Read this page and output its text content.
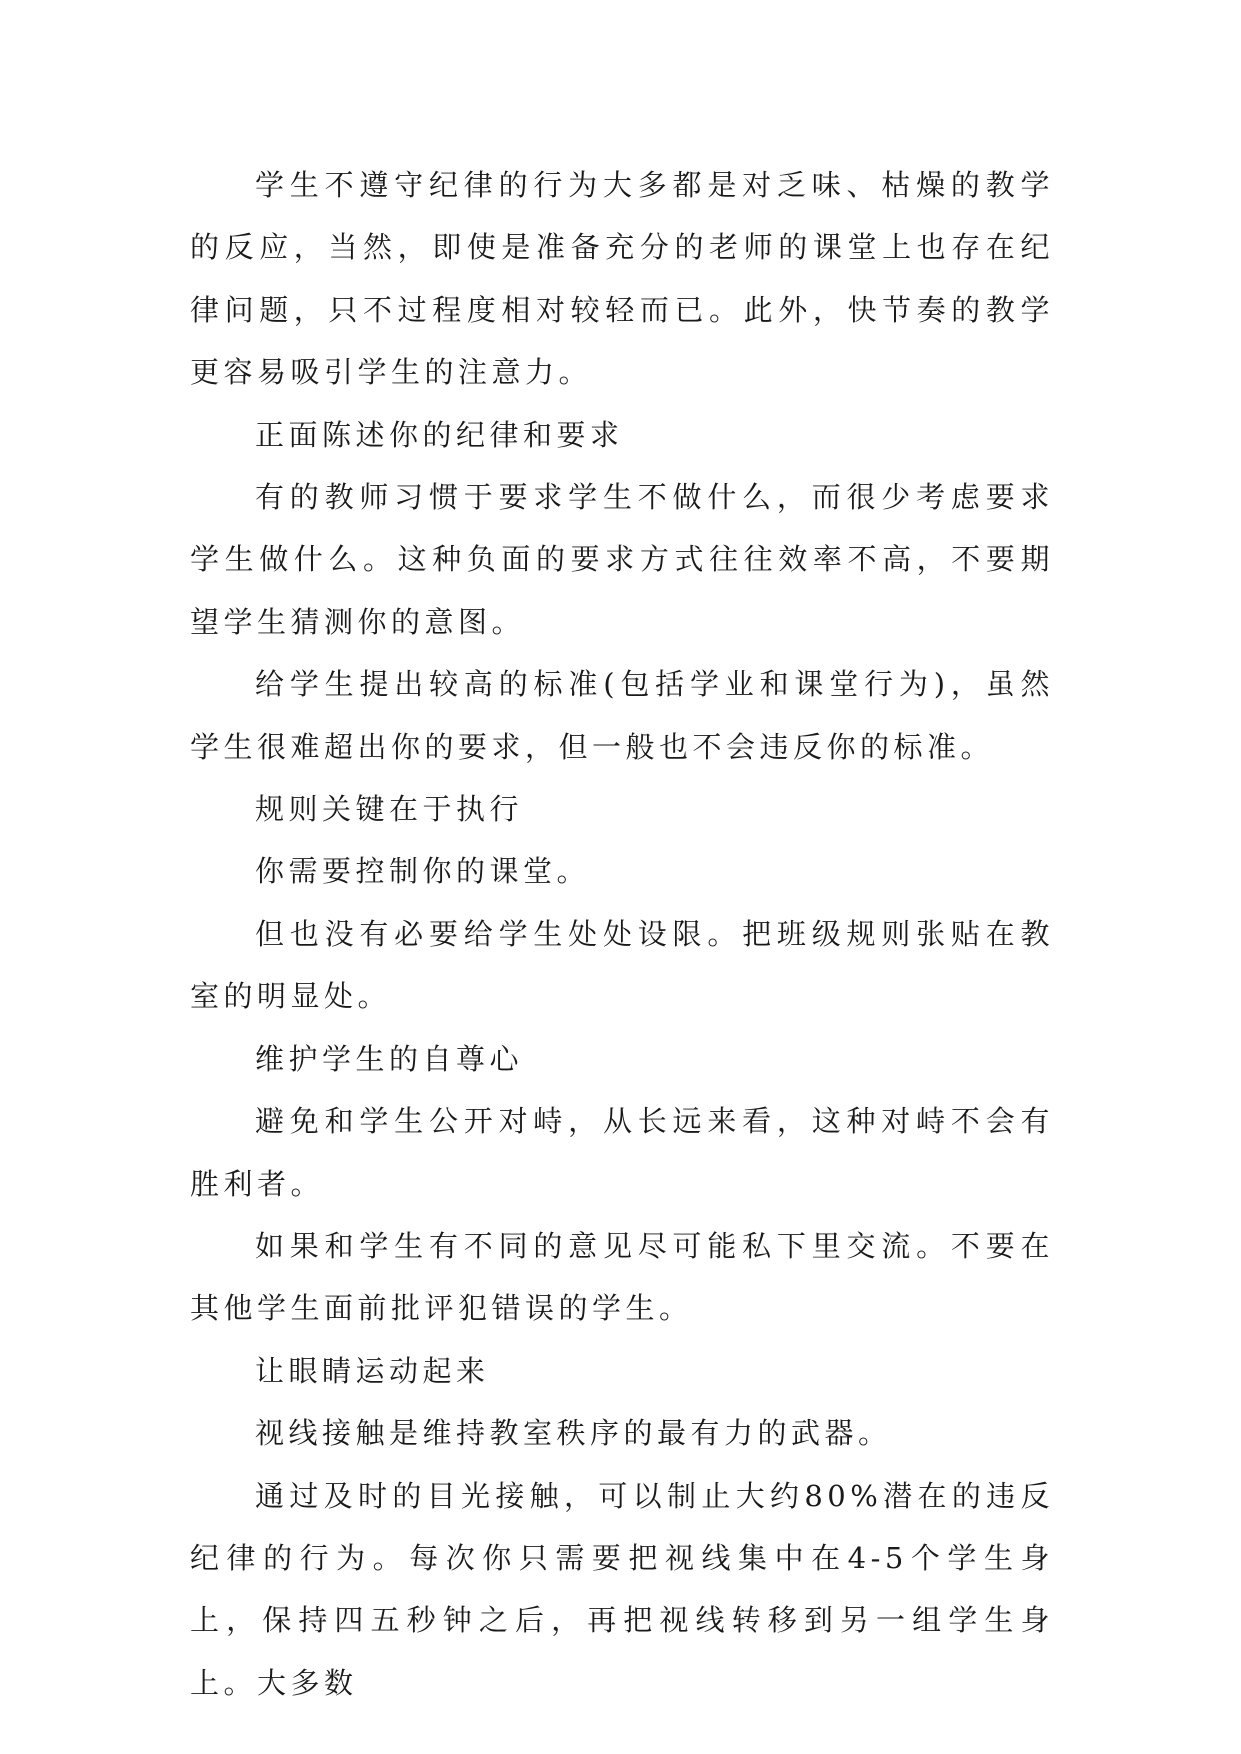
学生不遵守纪律的行为大多都是对乏味、枯燥的教学的反应，当然，即使是准备充分的老师的课堂上也存在纪律问题，只不过程度相对较轻而已。此外，快节奏的教学更容易吸引学生的注意力。

正面陈述你的纪律和要求

有的教师习惯于要求学生不做什么，而很少考虑要求学生做什么。这种负面的要求方式往往效率不高，不要期望学生猜测你的意图。

给学生提出较高的标准(包括学业和课堂行为)，虽然学生很难超出你的要求，但一般也不会违反你的标准。

规则关键在于执行

你需要控制你的课堂。

但也没有必要给学生处处设限。把班级规则张贴在教室的明显处。

维护学生的自尊心

避免和学生公开对峙，从长远来看，这种对峙不会有胜利者。

如果和学生有不同的意见尽可能私下里交流。不要在其他学生面前批评犯错误的学生。

让眼睛运动起来

视线接触是维持教室秩序的最有力的武器。

通过及时的目光接触，可以制止大约80%潜在的违反纪律的行为。每次你只需要把视线集中在4-5个学生身上，保持四五秒钟之后，再把视线转移到另一组学生身上。大多数
